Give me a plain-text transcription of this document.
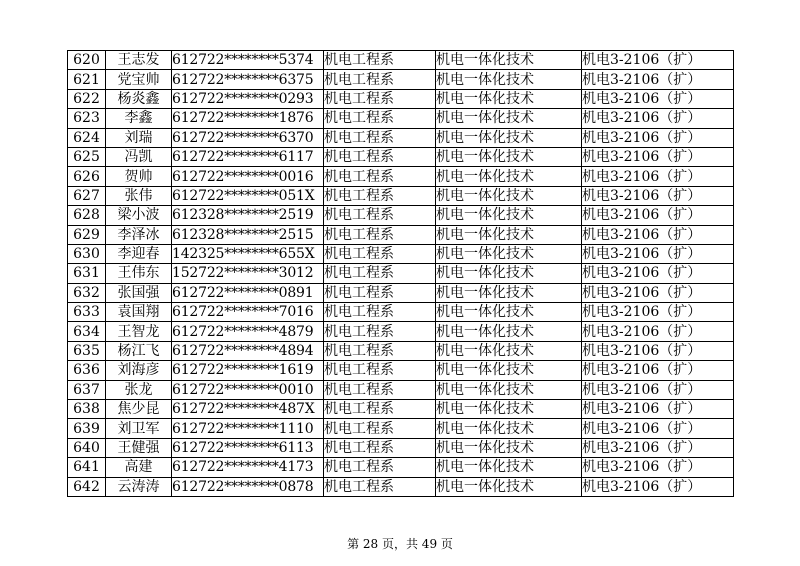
620	王志发	612722********5374	机电工程系	机电一体化技术	机电3-2106（扩）
621	党宝帅	612722********6375	机电工程系	机电一体化技术	机电3-2106（扩）
622	杨炎鑫	612722********0293	机电工程系	机电一体化技术	机电3-2106（扩）
623	李鑫	612722********1876	机电工程系	机电一体化技术	机电3-2106（扩）
624	刘瑞	612722********6370	机电工程系	机电一体化技术	机电3-2106（扩）
625	冯凯	612722********6117	机电工程系	机电一体化技术	机电3-2106（扩）
626	贺帅	612722********0016	机电工程系	机电一体化技术	机电3-2106（扩）
627	张伟	612722********051X	机电工程系	机电一体化技术	机电3-2106（扩）
628	梁小波	612328********2519	机电工程系	机电一体化技术	机电3-2106（扩）
629	李泽冰	612328********2515	机电工程系	机电一体化技术	机电3-2106（扩）
630	李迎春	142325********655X	机电工程系	机电一体化技术	机电3-2106（扩）
631	王伟东	152722********3012	机电工程系	机电一体化技术	机电3-2106（扩）
632	张国强	612722********0891	机电工程系	机电一体化技术	机电3-2106（扩）
633	袁国翔	612722********7016	机电工程系	机电一体化技术	机电3-2106（扩）
634	王智龙	612722********4879	机电工程系	机电一体化技术	机电3-2106（扩）
635	杨江飞	612722********4894	机电工程系	机电一体化技术	机电3-2106（扩）
636	刘海彦	612722********1619	机电工程系	机电一体化技术	机电3-2106（扩）
637	张龙	612722********0010	机电工程系	机电一体化技术	机电3-2106（扩）
638	焦少昆	612722********487X	机电工程系	机电一体化技术	机电3-2106（扩）
639	刘卫军	612722********1110	机电工程系	机电一体化技术	机电3-2106（扩）
640	王健强	612722********6113	机电工程系	机电一体化技术	机电3-2106（扩）
641	高建	612722********4173	机电工程系	机电一体化技术	机电3-2106（扩）
642	云涛涛	612722********0878	机电工程系	机电一体化技术	机电3-2106（扩）
第 28 页，共 49 页
